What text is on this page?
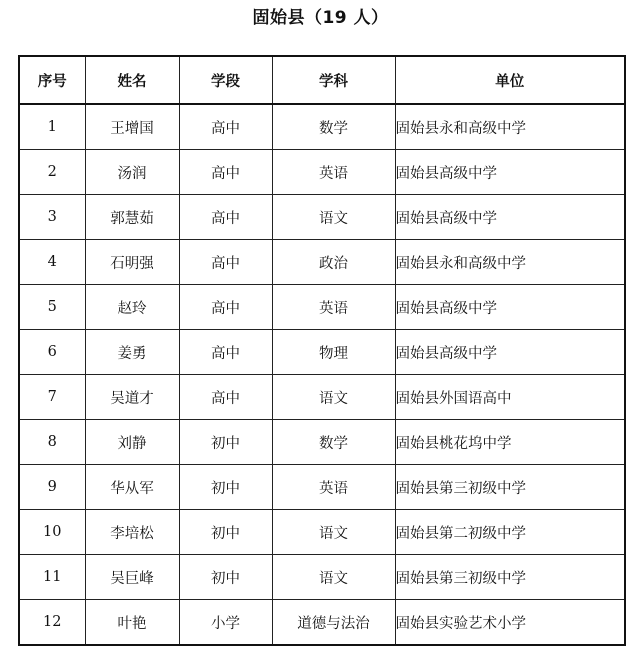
固始县（19 人）
序号	姓名	学段	学科	单位
1	王增国	高中	数学	固始县永和高级中学
2	汤润	高中	英语	固始县高级中学
3	郭慧茹	高中	语文	固始县高级中学
4	石明强	高中	政治	固始县永和高级中学
5	赵玲	高中	英语	固始县高级中学
6	姜勇	高中	物理	固始县高级中学
7	吴道才	高中	语文	固始县外国语高中
8	刘静	初中	数学	固始县桃花坞中学
9	华从军	初中	英语	固始县第三初级中学
10	李培松	初中	语文	固始县第二初级中学
11	吴巨峰	初中	语文	固始县第三初级中学
12	叶艳	小学	道德与法治	固始县实验艺术小学
